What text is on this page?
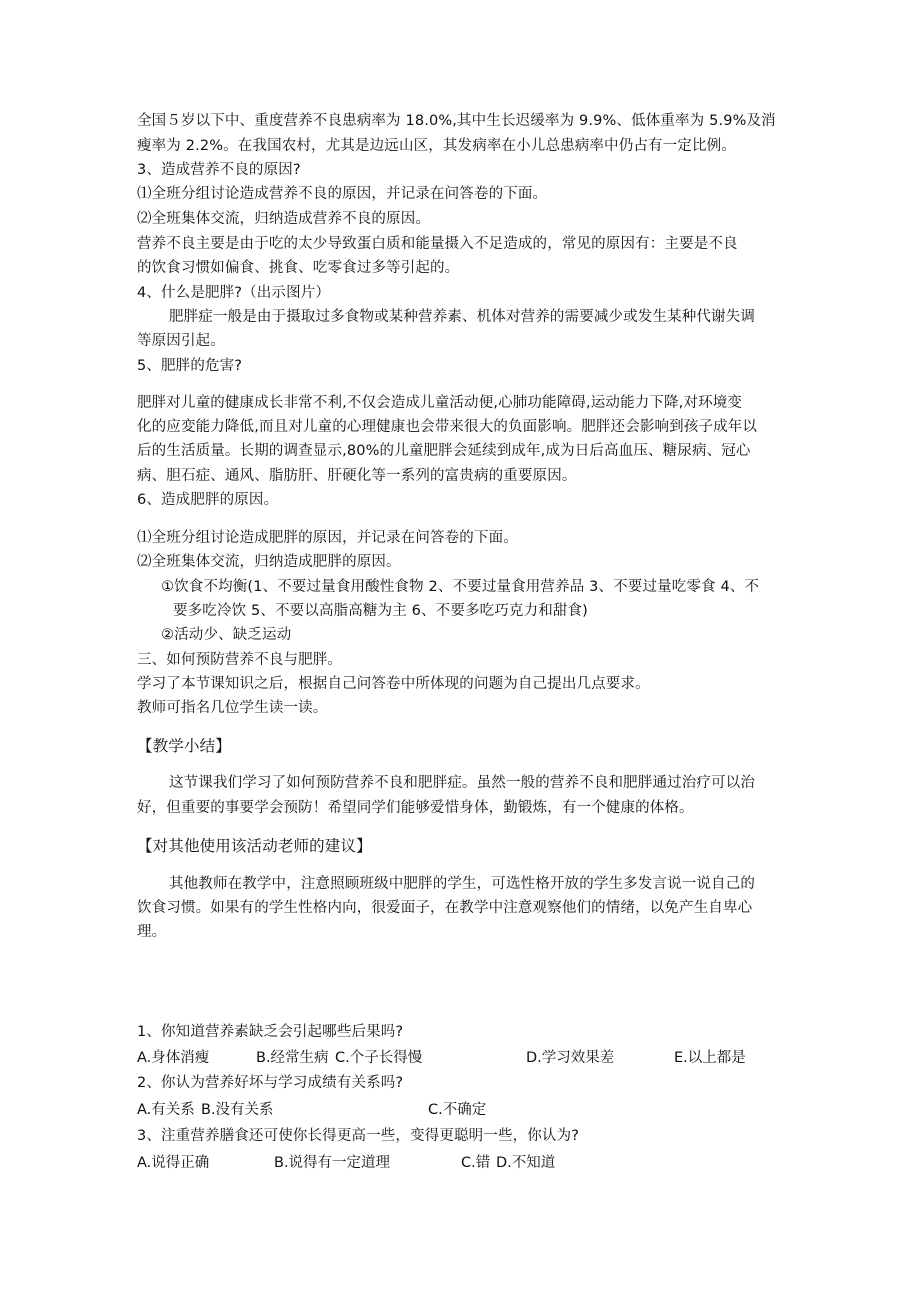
全国５岁以下中、重度营养不良患病率为 18.0%,其中生长迟缓率为 9.9%、低体重率为 5.9%及消
瘦率为 2.2%。在我国农村，尤其是边远山区，其发病率在小儿总患病率中仍占有一定比例。
3、造成营养不良的原因?
⑴全班分组讨论造成营养不良的原因，并记录在问答卷的下面。
⑵全班集体交流，归纳造成营养不良的原因。
营养不良主要是由于吃的太少导致蛋白质和能量摄入不足造成的，常见的原因有：主要是不良
的饮食习惯如偏食、挑食、吃零食过多等引起的。
4、什么是肥胖?（出示图片）
肥胖症一般是由于摄取过多食物或某种营养素、机体对营养的需要减少或发生某种代谢失调
等原因引起。
5、肥胖的危害?
肥胖对儿童的健康成长非常不利,不仅会造成儿童活动便,心肺功能障碍,运动能力下降,对环境变
化的应変能力降低,而且对儿童的心理健康也会带来很大的负面影响。肥胖还会影响到孩子成年以
后的生活质量。长期的调查显示,80%的儿童肥胖会延续到成年,成为日后高血压、糖尿病、冠心
病、胆石症、通风、脂肪肝、肝硬化等一系列的富贵病的重要原因。
6、造成肥胖的原因。
⑴全班分组讨论造成肥胖的原因，并记录在问答卷的下面。
⑵全班集体交流，归纳造成肥胖的原因。
①饮食不均衡(1、不要过量食用酸性食物 2、不要过量食用营养品 3、不要过量吃零食 4、不
要多吃冷饮 5、不要以高脂高糖为主 6、不要多吃巧克力和甜食)
②活动少、缺乏运动
三、如何预防营养不良与肥胖。
学习了本节课知识之后，根据自己问答卷中所体现的问题为自己提出几点要求。
教师可指名几位学生读一读。
【教学小结】
这节课我们学习了如何预防营养不良和肥胖症。虽然一般的营养不良和肥胖通过治疗可以治
好，但重要的事要学会预防！希望同学们能够爱惜身体，勤锻炼，有一个健康的体格。
【对其他使用该活动老师的建议】
其他教师在教学中，注意照顾班级中肥胖的学生，可选性格开放的学生多发言说一说自己的
饮食习惯。如果有的学生性格内向，很爱面子，在教学中注意观察他们的情绪，以免产生自卑心
理。
1、你知道营养素缺乏会引起哪些后果吗?
A.身体消瘦	B.经常生病 C.个子长得慢	D.学习效果差	E.以上都是
2、你认为营养好坏与学习成绩有关系吗?
A.有关系 B.没有关系	C.不确定
3、注重营养膳食还可使你长得更高一些，变得更聪明一些，你认为?
A.说得正确	B.说得有一定道理	C.错 D.不知道
